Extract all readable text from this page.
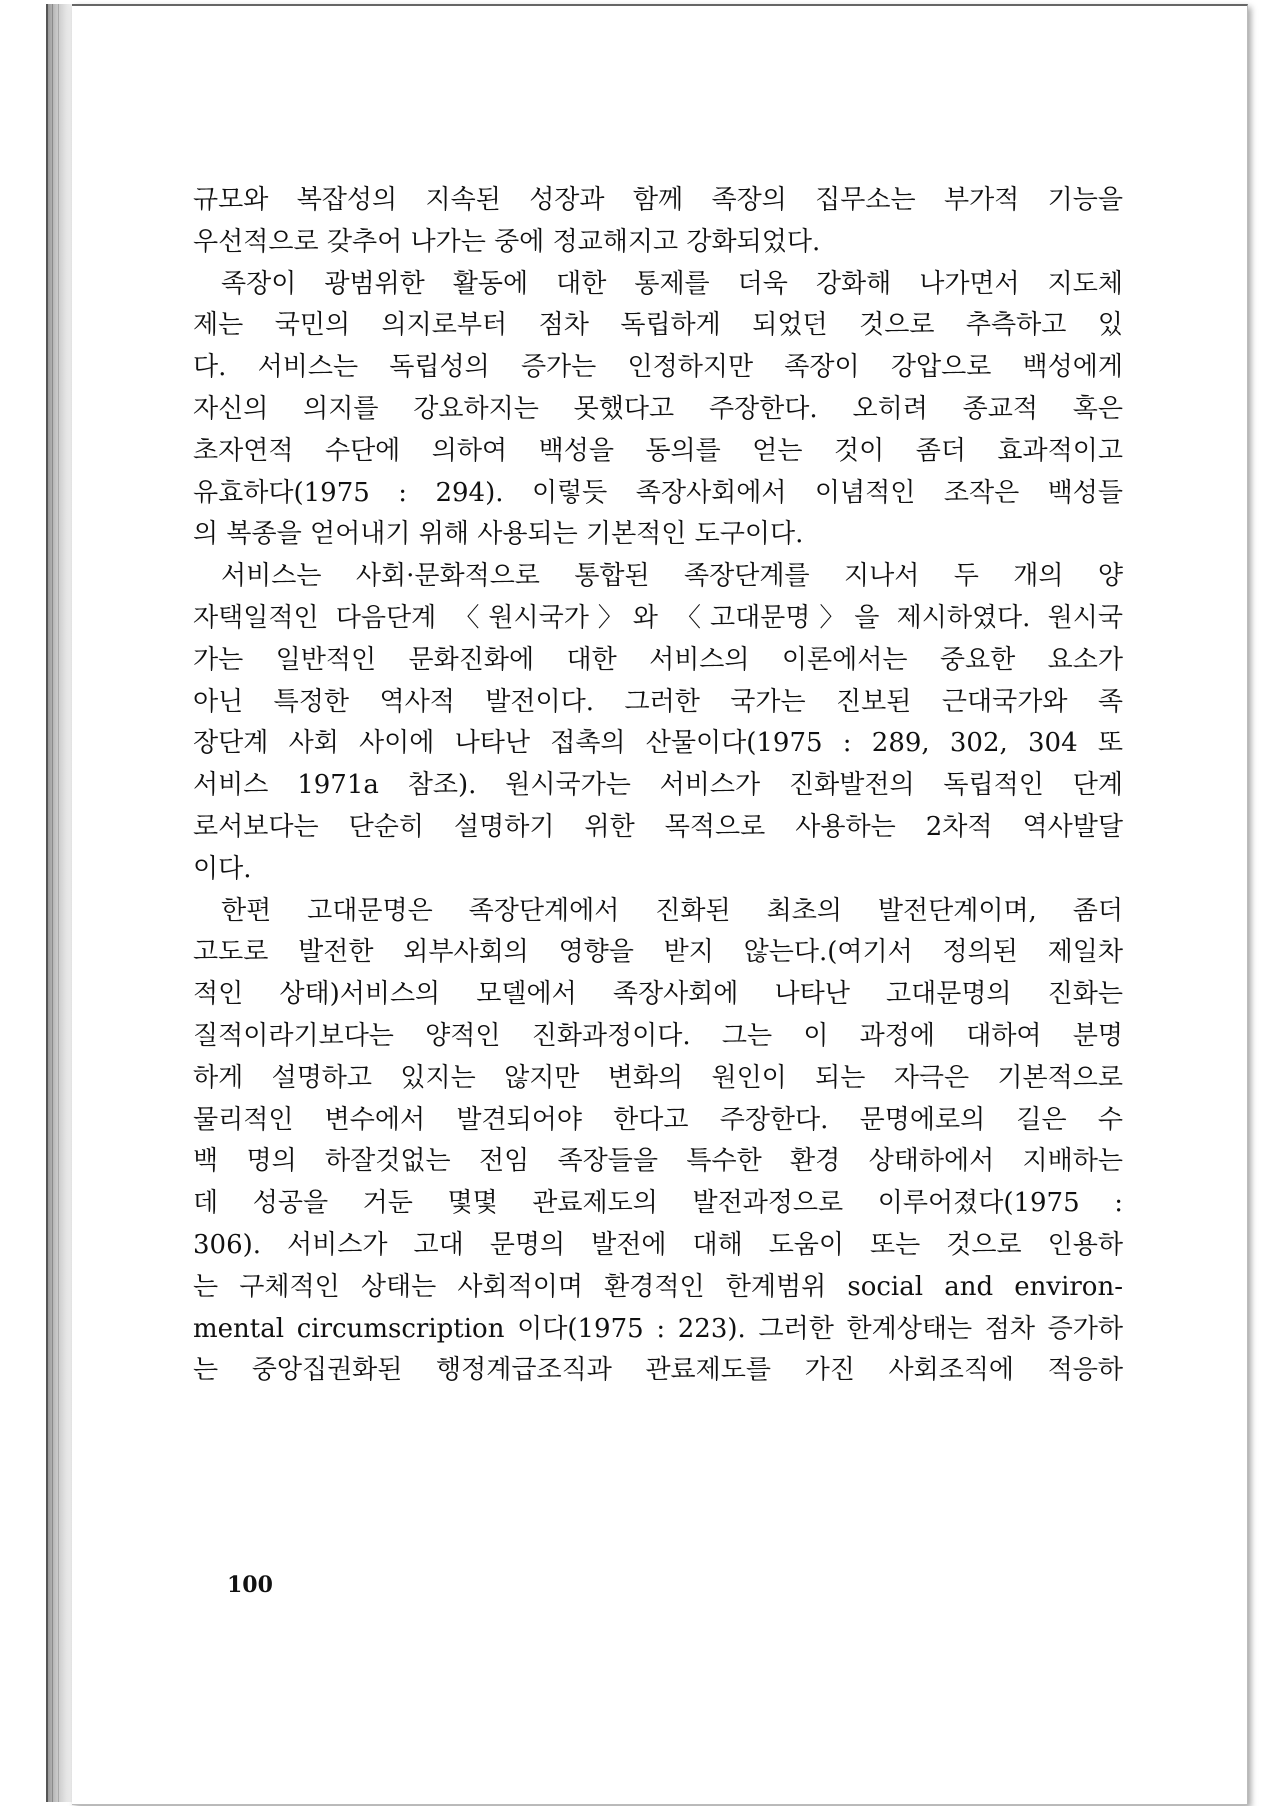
규모와 복잡성의 지속된 성장과 함께 족장의 집무소는 부가적 기능을
우선적으로 갖추어 나가는 중에 정교해지고 강화되었다.
족장이 광범위한 활동에 대한 통제를 더욱 강화해 나가면서 지도체
제는 국민의 의지로부터 점차 독립하게 되었던 것으로 추측하고 있
다. 서비스는 독립성의 증가는 인정하지만 족장이 강압으로 백성에게
자신의 의지를 강요하지는 못했다고 주장한다. 오히려 종교적 혹은
초자연적 수단에 의하여 백성을 동의를 얻는 것이 좀더 효과적이고
유효하다(1975 : 294). 이렇듯 족장사회에서 이념적인 조작은 백성들
의 복종을 얻어내기 위해 사용되는 기본적인 도구이다.
서비스는 사회·문화적으로 통합된 족장단계를 지나서 두 개의 양
자택일적인 다음단계 〈원시국가〉와 〈고대문명〉을 제시하였다. 원시국
가는 일반적인 문화진화에 대한 서비스의 이론에서는 중요한 요소가
아닌 특정한 역사적 발전이다. 그러한 국가는 진보된 근대국가와 족
장단계 사회 사이에 나타난 접촉의 산물이다(1975 : 289, 302, 304 또
서비스 1971a 참조). 원시국가는 서비스가 진화발전의 독립적인 단계
로서보다는 단순히 설명하기 위한 목적으로 사용하는 2차적 역사발달
이다.
한편 고대문명은 족장단계에서 진화된 최초의 발전단계이며, 좀더
고도로 발전한 외부사회의 영향을 받지 않는다.(여기서 정의된 제일차
적인 상태)서비스의 모델에서 족장사회에 나타난 고대문명의 진화는
질적이라기보다는 양적인 진화과정이다. 그는 이 과정에 대하여 분명
하게 설명하고 있지는 않지만 변화의 원인이 되는 자극은 기본적으로
물리적인 변수에서 발견되어야 한다고 주장한다. 문명에로의 길은 수
백 명의 하잘것없는 전임 족장들을 특수한 환경 상태하에서 지배하는
데 성공을 거둔 몇몇 관료제도의 발전과정으로 이루어졌다(1975 :
306). 서비스가 고대 문명의 발전에 대해 도움이 또는 것으로 인용하
는 구체적인 상태는 사회적이며 환경적인 한계범위 social and environ-
mental circumscription 이다(1975 : 223). 그러한 한계상태는 점차 증가하
는 중앙집권화된 행정계급조직과 관료제도를 가진 사회조직에 적응하
100
